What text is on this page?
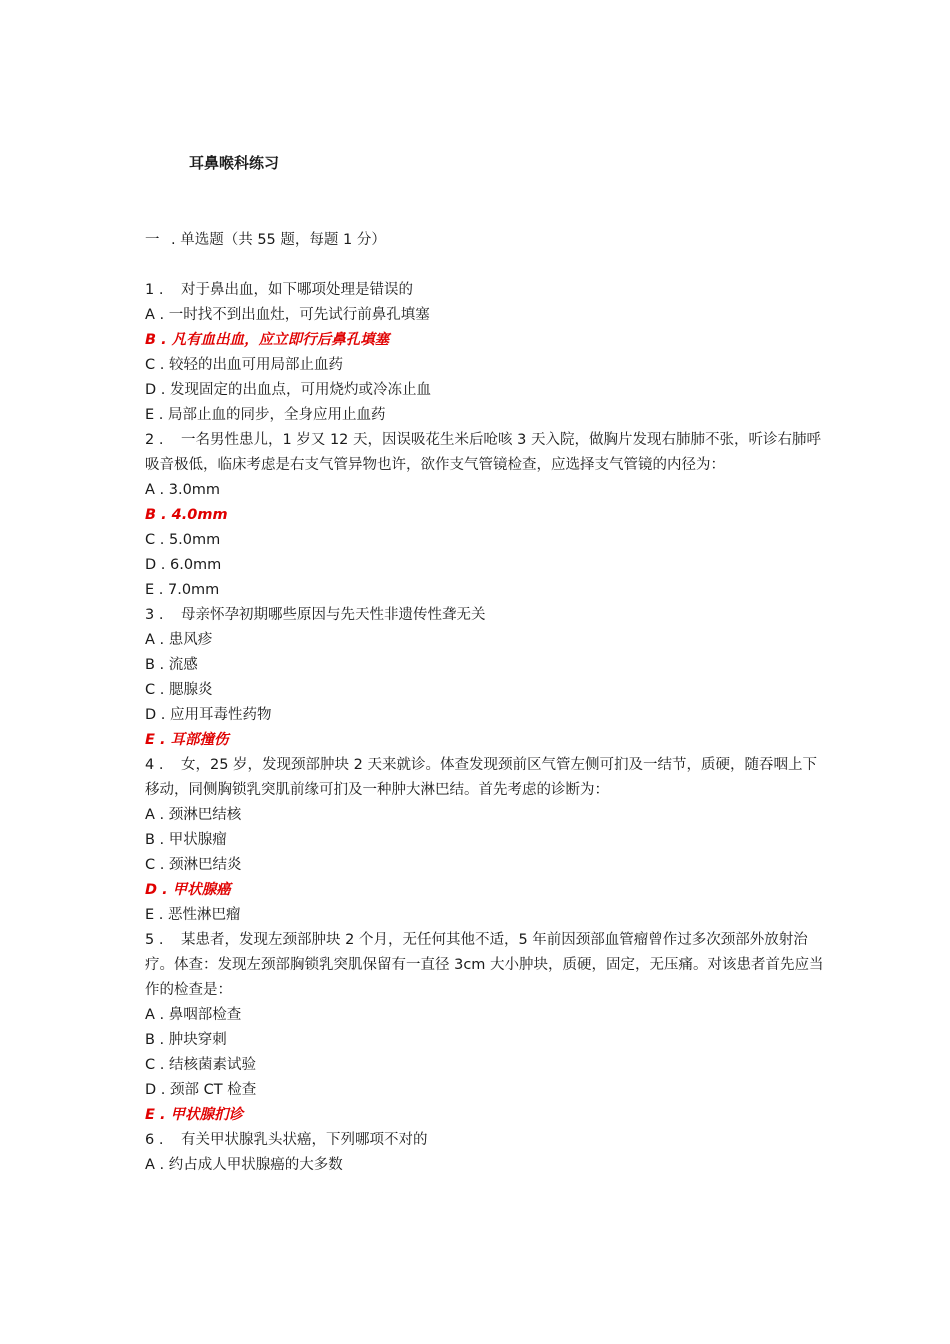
耳鼻喉科练习
一 . 单选题（共 55 题，每题 1 分）
1 . 对于鼻出血，如下哪项处理是错误的
A . 一时找不到出血灶，可先试行前鼻孔填塞
B . 凡有血出血，应立即行后鼻孔填塞
C . 较轻的出血可用局部止血药
D . 发现固定的出血点，可用烧灼或冷冻止血
E . 局部止血的同步，全身应用止血药
2 . 一名男性患儿，1 岁又 12 天，因误吸花生米后呛咳 3 天入院，做胸片发现右肺肺不张，听诊右肺呼吸音极低，临床考虑是右支气管异物也许，欲作支气管镜检查，应选择支气管镜的内径为：
A . 3.0mm
B . 4.0mm
C . 5.0mm
D . 6.0mm
E . 7.0mm
3 . 母亲怀孕初期哪些原因与先天性非遗传性聋无关
A . 患风疹
B . 流感
C . 腮腺炎
D . 应用耳毒性药物
E . 耳部撞伤
4 . 女，25 岁，发现颈部肿块 2 天来就诊。体查发现颈前区气管左侧可扪及一结节，质硬，随吞咽上下移动，同侧胸锁乳突肌前缘可扪及一种肿大淋巴结。首先考虑的诊断为：
A . 颈淋巴结核
B . 甲状腺瘤
C . 颈淋巴结炎
D . 甲状腺癌
E . 恶性淋巴瘤
5 . 某患者，发现左颈部肿块 2 个月，无任何其他不适，5 年前因颈部血管瘤曾作过多次颈部外放射治疗。体查：发现左颈部胸锁乳突肌保留有一直径 3cm 大小肿块，质硬，固定，无压痛。对该患者首先应当作的检查是：
A . 鼻咽部检查
B . 肿块穿刺
C . 结核菌素试验
D . 颈部 CT 检查
E . 甲状腺扪诊
6 . 有关甲状腺乳头状癌，下列哪项不对的
A . 约占成人甲状腺癌的大多数
